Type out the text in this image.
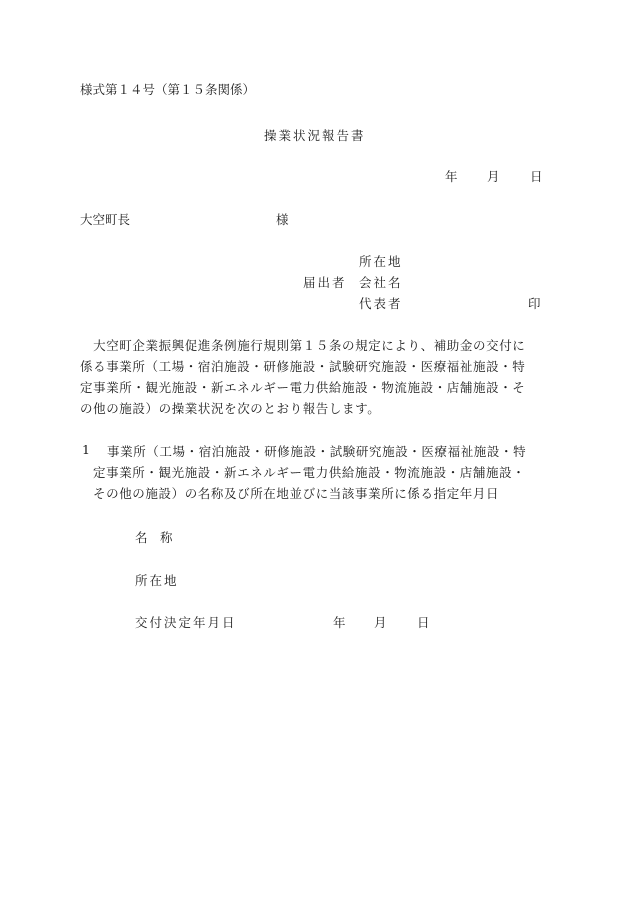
様式第１４号（第１５条関係）
操業状況報告書
年 月 日
大空町長	様
所在地
届出者 会社名
代表者	印
　大空町企業振興促進条例施行規則第１５条の規定により、補助金の交付に
係る事業所（工場・宿泊施設・研修施設・試験研究施設・医療福祉施設・特
定事業所・観光施設・新エネルギー電力供給施設・物流施設・店舗施設・そ
の他の施設）の操業状況を次のとおり報告します。
1 事業所（工場・宿泊施設・研修施設・試験研究施設・医療福祉施設・特
定事業所・観光施設・新エネルギー電力供給施設・物流施設・店舗施設・
その他の施設）の名称及び所在地並びに当該事業所に係る指定年月日
名　称
所在地
交付決定年月日	年 月 日
